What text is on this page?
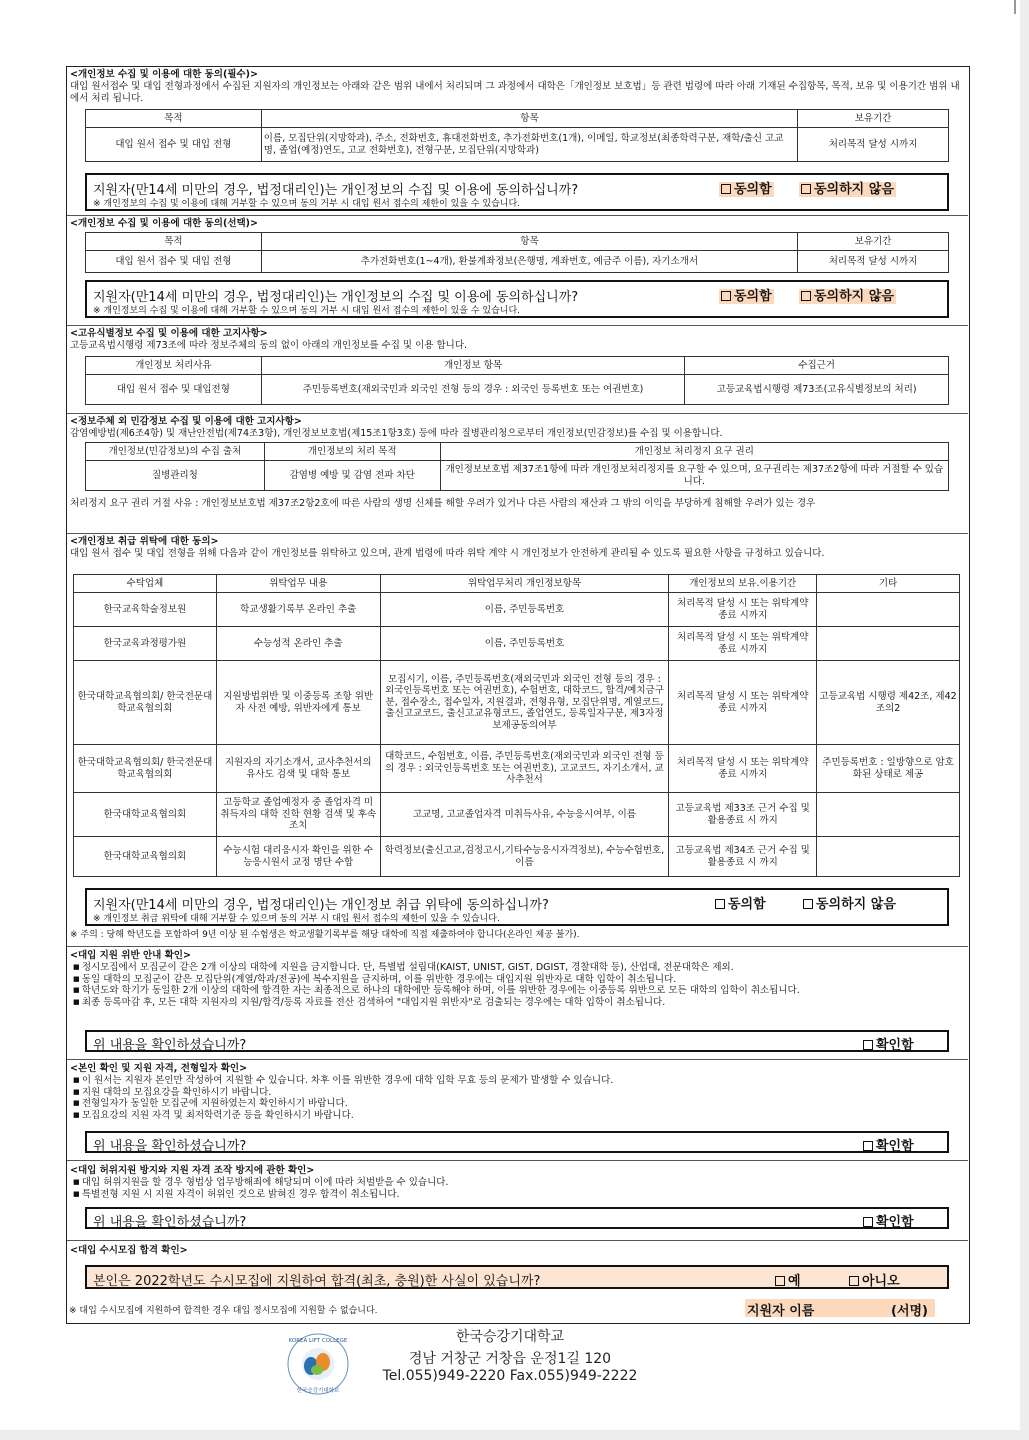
<개인정보 수집 및 이용에 대한 동의(필수)>
대입 원서접수 및 대입 전형과정에서 수집된 지원자의 개인정보는 아래와 같은 범위 내에서 처리되며 그 과정에서 대학은「개인정보 보호법」등 관련 법령에 따라 아래 기재된 수집항목, 목적, 보유 및 이용기간 범위 내에서 처리 됩니다.
목적	항목	보유기간
대입 원서 접수 및 대입 전형	이름, 모집단위(지망학과), 주소, 전화번호, 휴대전화번호, 추가전화번호(1개), 이메일, 학교정보(최종학력구분, 재학/출신 고교명, 졸업(예정)연도, 고교 전화번호), 전형구분, 모집단위(지망학과)	처리목적 달성 시까지
지원자(만14세 미만의 경우, 법정대리인)는 개인정보의 수집 및 이용에 동의하십니까?
※ 개인정보의 수집 및 이용에 대해 거부할 수 있으며 동의 거부 시 대입 원서 접수의 제한이 있을 수 있습니다.
동의함	동의하지 않음
<개인정보 수집 및 이용에 대한 동의(선택)>
목적	항목	보유기간
대입 원서 접수 및 대입 전형	추가전화번호(1~4개), 환불계좌정보(은행명, 계좌번호, 예금주 이름), 자기소개서	처리목적 달성 시까지
지원자(만14세 미만의 경우, 법정대리인)는 개인정보의 수집 및 이용에 동의하십니까?
※ 개인정보의 수집 및 이용에 대해 거부할 수 있으며 동의 거부 시 대입 원서 접수의 제한이 있을 수 있습니다.
동의함	동의하지 않음
<고유식별정보 수집 및 이용에 대한 고지사항>
고등교육법시행령 제73조에 따라 정보주체의 동의 없이 아래의 개인정보를 수집 및 이용 합니다.
개인정보 처리사유	개인정보 항목	수집근거
대입 원서 접수 및 대입전형	주민등록번호(재외국민과 외국인 전형 등의 경우 : 외국인 등록번호 또는 여권번호)	고등교육법시행령 제73조(고유식별정보의 처리)
<정보주체 외 민감정보 수집 및 이용에 대한 고지사항>
감염예방법(제6조4항) 및 재난안전법(제74조3항), 개인정보보호법(제15조1항3호) 등에 따라 질병관리청으로부터 개인정보(민감정보)를 수집 및 이용합니다.
개인정보(민감정보)의 수집 출처	개인정보의 처리 목적	개인정보 처리정지 요구 권리
질병관리청	감염병 예방 및 감염 전파 차단	개인정보보호법 제37조1항에 따라 개인정보처리정지를 요구할 수 있으며, 요구권리는 제37조2항에 따라 거절할 수 있습니다.
처리정지 요구 권리 거절 사유 : 개인정보보호법 제37조2항2호에 따른 사람의 생명 신체를 해할 우려가 있거나 다른 사람의 재산과 그 밖의 이익을 부당하게 침해할 우려가 있는 경우
<개인정보 취급 위탁에 대한 동의>
대입 원서 접수 및 대입 전형을 위해 다음과 같이 개인정보를 위탁하고 있으며, 관계 법령에 따라 위탁 계약 시 개인정보가 안전하게 관리될 수 있도록 필요한 사항을 규정하고 있습니다.
수탁업체	위탁업무 내용	위탁업무처리 개인정보항목	개인정보의 보유.이용기간	기타
한국교육학술정보원	학교생활기록부 온라인 추출	이름, 주민등록번호	처리목적 달성 시 또는 위탁계약 종료 시까지	
한국교육과정평가원	수능성적 온라인 추출	이름, 주민등록번호	처리목적 달성 시 또는 위탁계약 종료 시까지	
한국대학교육협의회/ 한국전문대학교육협의회	지원방법위반 및 이중등록 조항 위반자 사전 예방, 위반자에게 통보	모집시기, 이름, 주민등록번호(재외국민과 외국인 전형 등의 경우 : 외국인등록번호 또는 여권번호), 수험번호, 대학코드, 합격/예치금구분, 접수장소, 접수일자, 지원결과, 전형유형, 모집단위명, 계열코드, 출신고교코드, 출신고교유형코드, 졸업연도, 등록일자구분, 제3자정보제공동의여부	처리목적 달성 시 또는 위탁계약 종료 시까지	고등교육법 시행령 제42조, 제42조의2
한국대학교육협의회/ 한국전문대학교육협의회	지원자의 자기소개서, 교사추천서의 유사도 검색 및 대학 통보	대학코드, 수험번호, 이름, 주민등록번호(재외국민과 외국인 전형 등의 경우 : 외국인등록번호 또는 여권번호), 고교코드, 자기소개서, 교사추천서	처리목적 달성 시 또는 위탁계약 종료 시까지	주민등록번호 : 일방향으로 암호화된 상태로 제공
한국대학교육협의회	고등학교 졸업예정자 중 졸업자격 미취득자의 대학 진학 현황 검색 및 후속조치	고교명, 고교졸업자격 미취득사유, 수능응시여부, 이름	고등교육법 제33조 근거 수집 및 활용종료 시 까지	
한국대학교육협의회	수능시험 대리응시자 확인을 위한 수능응시원서 교정 명단 수합	학력정보(출신고교,검정고시,기타수능응시자격정보), 수능수험번호, 이름	고등교육법 제34조 근거 수집 및 활용종료 시 까지	
지원자(만14세 미만의 경우, 법정대리인)는 개인정보 취급 위탁에 동의하십니까?
※ 개인정보 취급 위탁에 대해 거부할 수 있으며 동의 거부 시 대입 원서 접수의 제한이 있을 수 있습니다.
동의함	동의하지 않음
※ 주의 : 당해 학년도를 포함하여 9년 이상 된 수험생은 학교생활기록부를 해당 대학에 직접 제출하여야 합니다(온라인 제공 불가).
<대입 지원 위반 안내 확인>
■ 정시모집에서 모집군이 같은 2개 이상의 대학에 지원을 금지합니다. 단, 특별법 설립대(KAIST, UNIST, GIST, DGIST, 경찰대학 등), 산업대, 전문대학은 제외.
■ 동일 대학의 모집군이 같은 모집단위(계열/학과/전공)에 복수지원을 금지하며, 이를 위반한 경우에는 대입지원 위반자로 대학 입학이 취소됩니다.
■ 학년도와 학기가 동일한 2개 이상의 대학에 합격한 자는 최종적으로 하나의 대학에만 등록해야 하며, 이를 위반한 경우에는 이중등록 위반으로 모든 대학의 입학이 취소됩니다.
■ 최종 등록마감 후, 모든 대학 지원자의 지원/합격/등록 자료를 전산 검색하여 "대입지원 위반자"로 검출되는 경우에는 대학 입학이 취소됩니다.
위 내용을 확인하셨습니까?	확인함
<본인 확인 및 지원 자격, 전형일자 확인>
■ 이 원서는 지원자 본인만 작성하여 지원할 수 있습니다. 차후 이를 위반한 경우에 대학 입학 무효 등의 문제가 발생할 수 있습니다.
■ 지원 대학의 모집요강을 확인하시기 바랍니다.
■ 전형일자가 동일한 모집군에 지원하였는지 확인하시기 바랍니다.
■ 모집요강의 지원 자격 및 최저학력기준 등을 확인하시기 바랍니다.
위 내용을 확인하셨습니까?	확인함
<대입 허위지원 방지와 지원 자격 조작 방지에 관한 확인>
■ 대입 허위지원을 할 경우 형법상 업무방해죄에 해당되며 이에 따라 처벌받을 수 있습니다.
■ 특별전형 지원 시 지원 자격이 허위인 것으로 밝혀진 경우 합격이 취소됩니다.
위 내용을 확인하셨습니까?	확인함
<대입 수시모집 합격 확인>
본인은 2022학년도 수시모집에 지원하여 합격(최초, 충원)한 사실이 있습니까?	예	아니오
※ 대입 수시모집에 지원하여 합격한 경우 대입 정시모집에 지원할 수 없습니다.	지원자 이름	(서명)
KOREA LIFT COLLEGE
한국승강기대학교
한국승강기대학교
경남 거창군 거창읍 운정1길 120
Tel.055)949-2220 Fax.055)949-2222
